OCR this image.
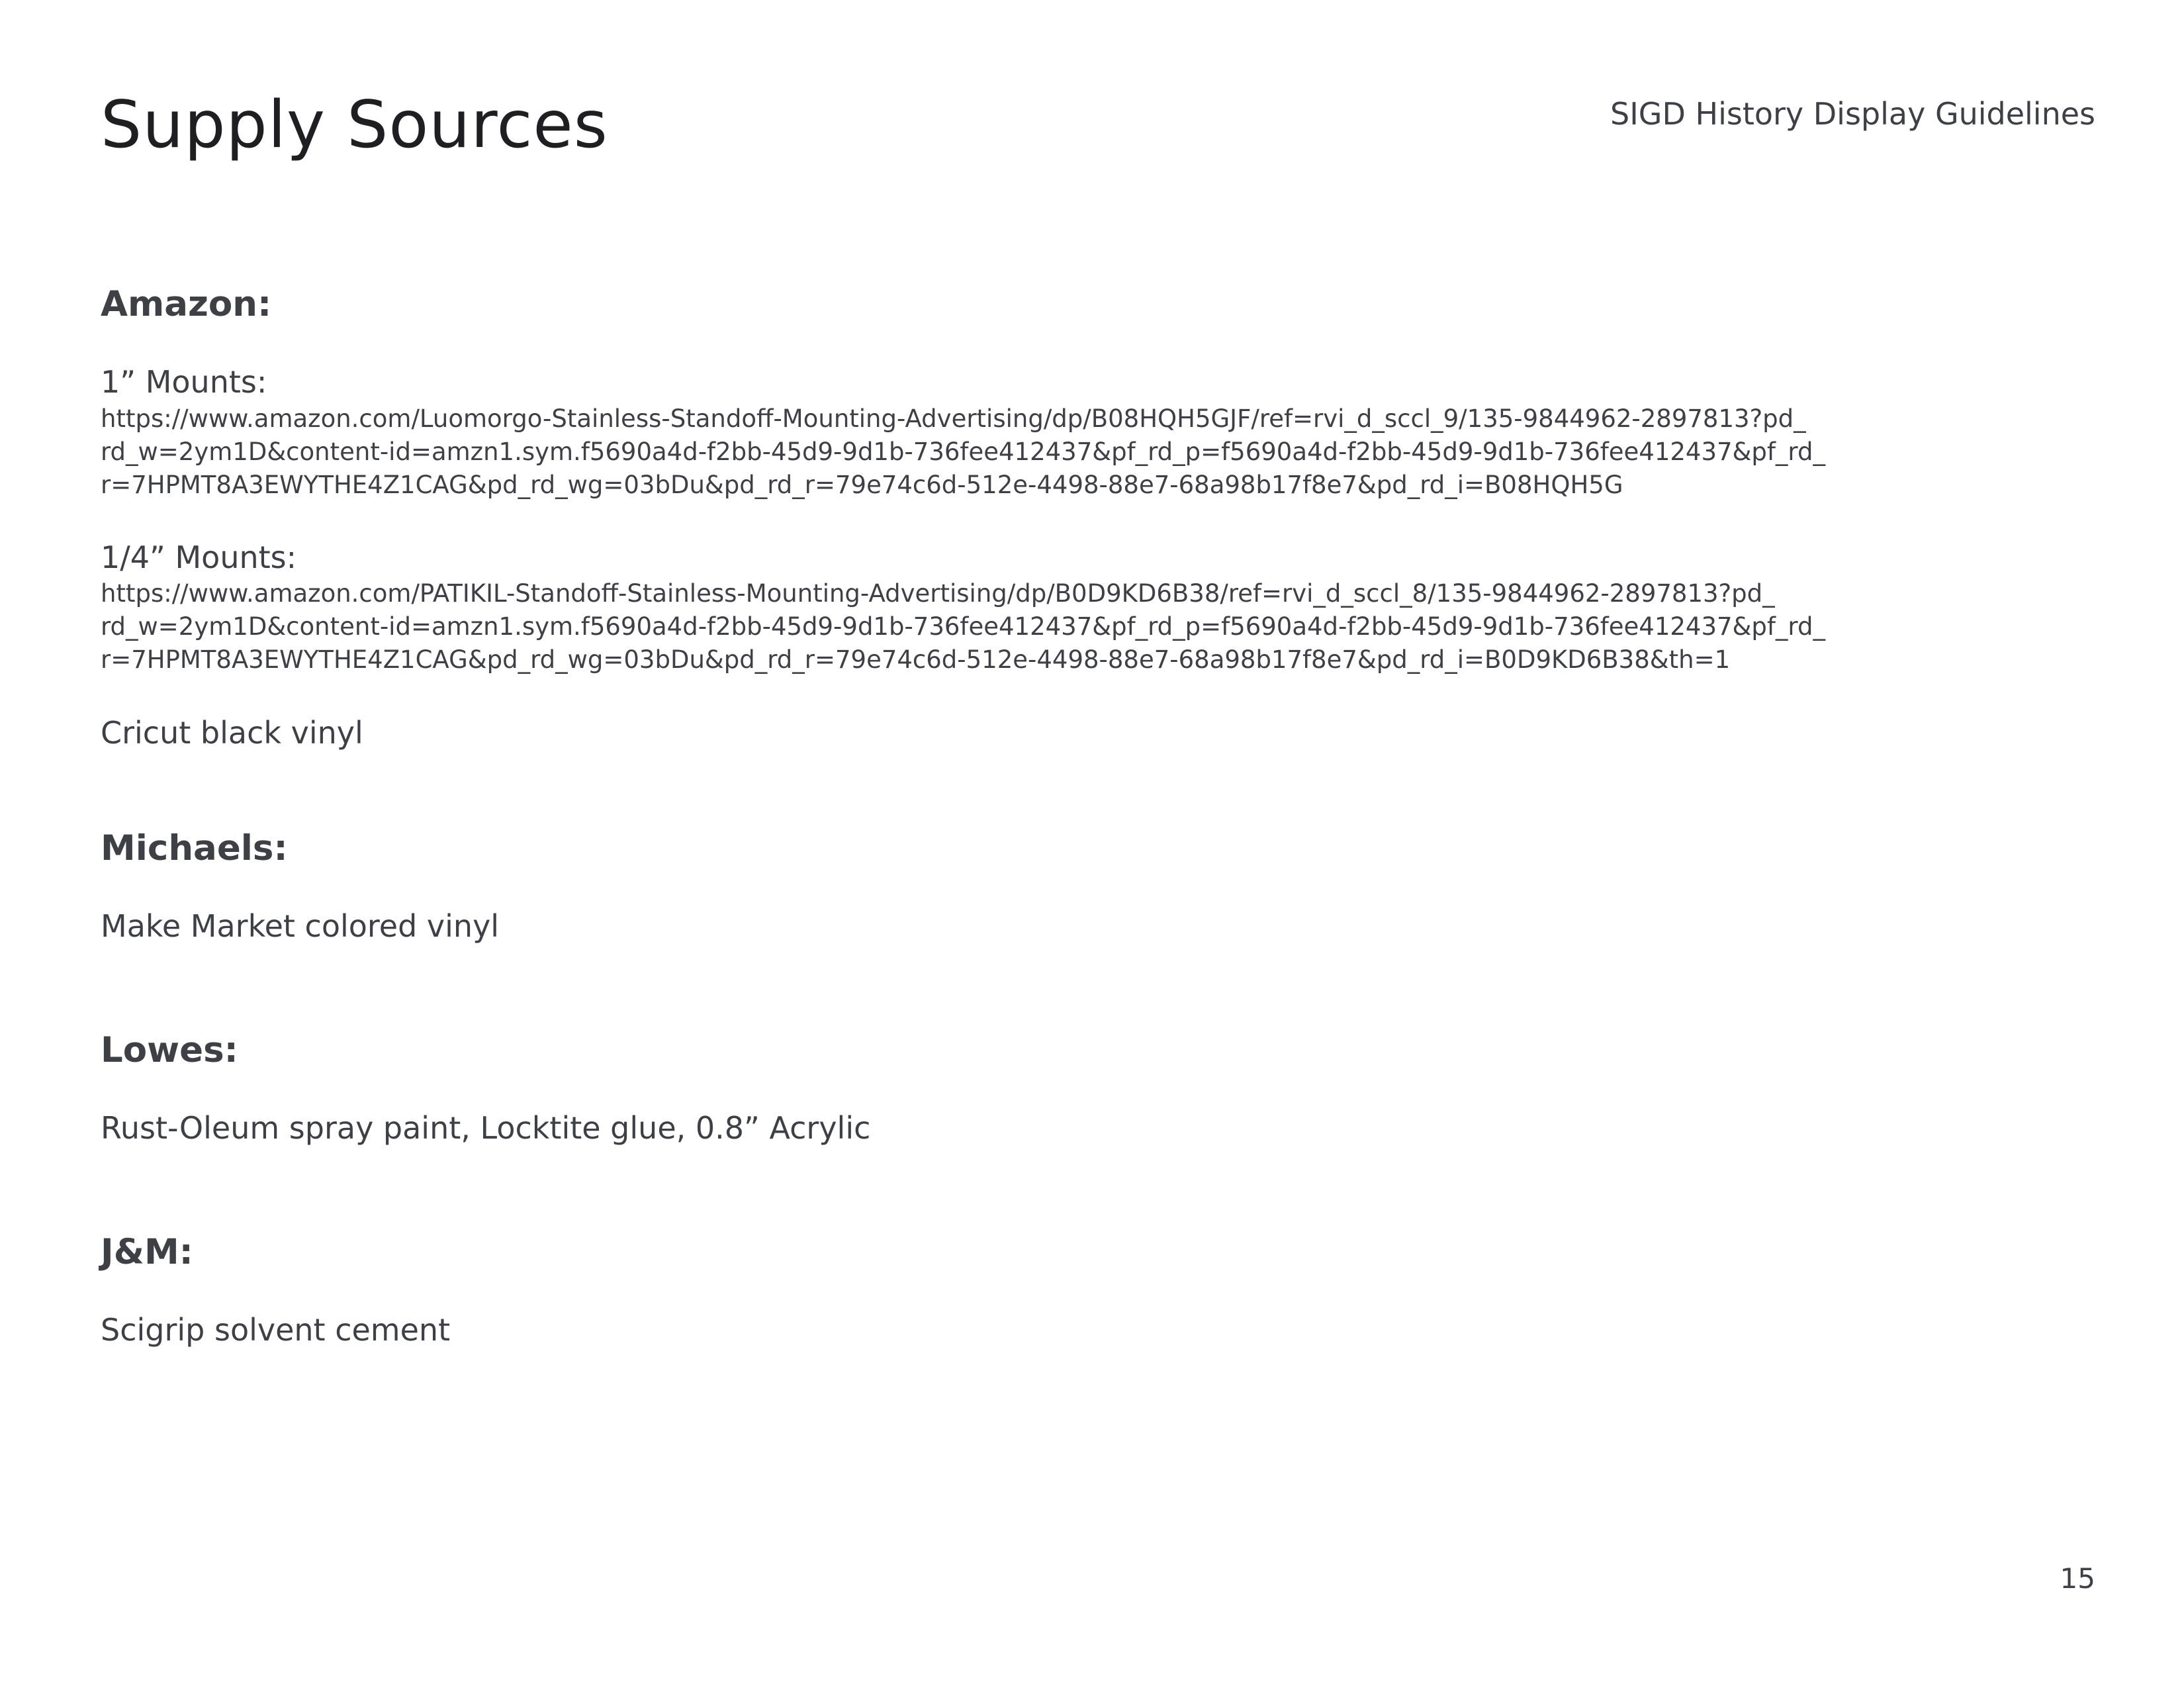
Supply Sources	SIGD History Display Guidelines
Amazon:
1” Mounts:
https://www.amazon.com/Luomorgo-Stainless-Standoff-Mounting-Advertising/dp/B08HQH5GJF/ref=rvi_d_sccl_9/135-9844962-2897813?pd_
rd_w=2ym1D&content-id=amzn1.sym.f5690a4d-f2bb-45d9-9d1b-736fee412437&pf_rd_p=f5690a4d-f2bb-45d9-9d1b-736fee412437&pf_rd_
r=7HPMT8A3EWYTHE4Z1CAG&pd_rd_wg=03bDu&pd_rd_r=79e74c6d-512e-4498-88e7-68a98b17f8e7&pd_rd_i=B08HQH5G
1/4” Mounts:
https://www.amazon.com/PATIKIL-Standoff-Stainless-Mounting-Advertising/dp/B0D9KD6B38/ref=rvi_d_sccl_8/135-9844962-2897813?pd_
rd_w=2ym1D&content-id=amzn1.sym.f5690a4d-f2bb-45d9-9d1b-736fee412437&pf_rd_p=f5690a4d-f2bb-45d9-9d1b-736fee412437&pf_rd_
r=7HPMT8A3EWYTHE4Z1CAG&pd_rd_wg=03bDu&pd_rd_r=79e74c6d-512e-4498-88e7-68a98b17f8e7&pd_rd_i=B0D9KD6B38&th=1
Cricut black vinyl
Michaels:
Make Market colored vinyl
Lowes:
Rust-Oleum spray paint, Locktite glue, 0.8” Acrylic
J&M:
Scigrip solvent cement
15
